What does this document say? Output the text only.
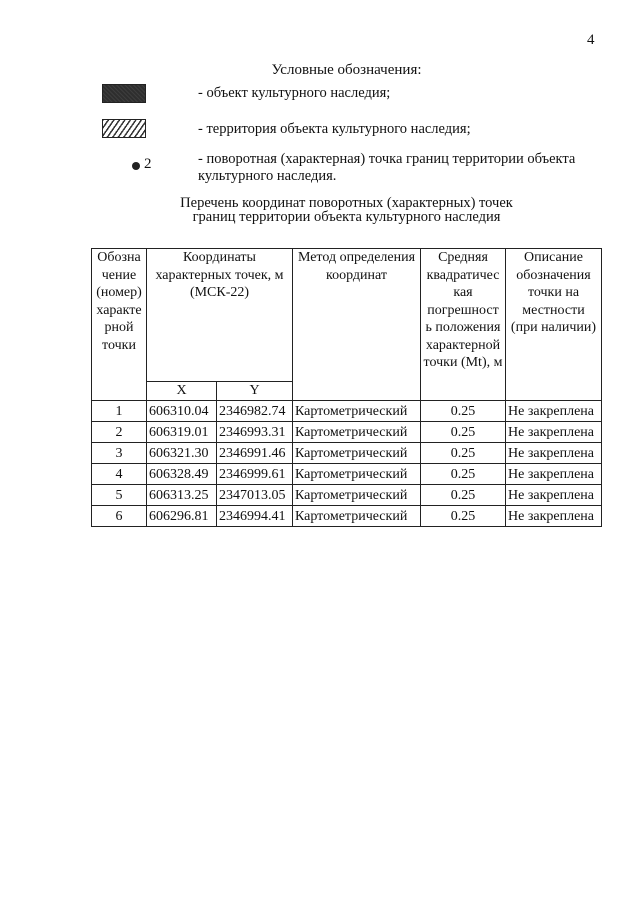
4
Условные обозначения:
- объект культурного наследия;
- территория объекта культурного наследия;
2	- поворотная (характерная) точка границ территории объекта культурного наследия.
Перечень координат поворотных (характерных) точек
границ территории объекта культурного наследия
Обозна чение (номер) характе рной точки	Координаты характерных точек, м (МСК-22)		Метод определения координат	Средняя квадратичес кая погрешност ь положения характерной точки (Mt), м	Описание обозначения точки на местности (при наличии)
	X	Y			
1	606310.04	2346982.74	Картометрический	0.25	Не закреплена
2	606319.01	2346993.31	Картометрический	0.25	Не закреплена
3	606321.30	2346991.46	Картометрический	0.25	Не закреплена
4	606328.49	2346999.61	Картометрический	0.25	Не закреплена
5	606313.25	2347013.05	Картометрический	0.25	Не закреплена
6	606296.81	2346994.41	Картометрический	0.25	Не закреплена
